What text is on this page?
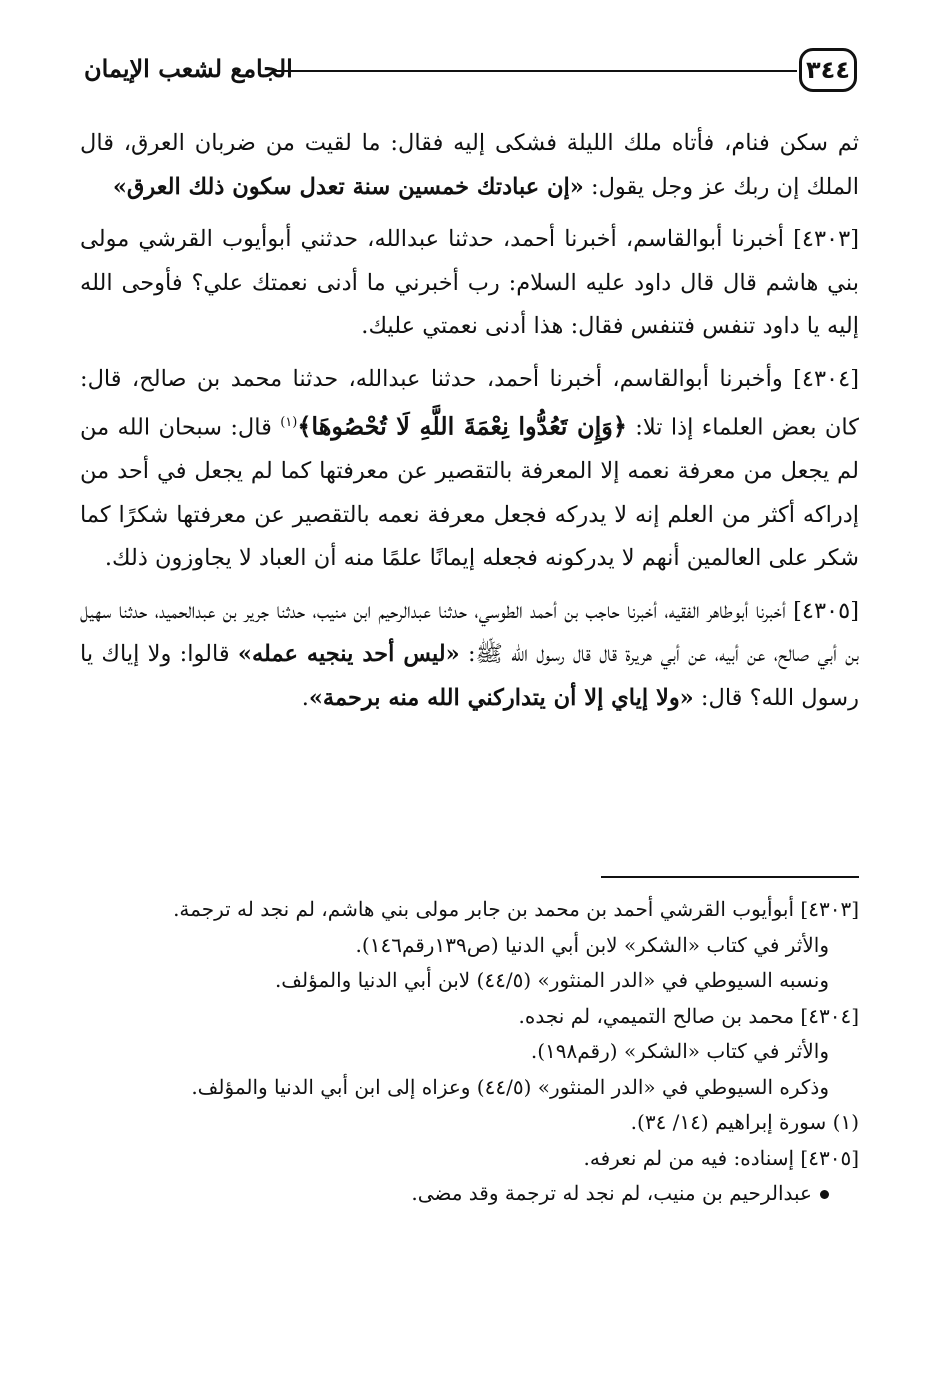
٣٤٤
الجامع لشعب الإيمان

ثم سكن فنام، فأتاه ملك الليلة فشكى إليه فقال: ما لقيت من ضربان العرق، قال الملك إن ربك عز وجل يقول: «إن عبادتك خمسين سنة تعدل سكون ذلك العرق»

[٤٣٠٣] أخبرنا أبوالقاسم، أخبرنا أحمد، حدثنا عبدالله، حدثني أبوأيوب القرشي مولى بني هاشم قال قال داود عليه السلام: رب أخبرني ما أدنى نعمتك علي؟ فأوحى الله إليه يا داود تنفس فتنفس فقال: هذا أدنى نعمتي عليك.

[٤٣٠٤] وأخبرنا أبوالقاسم، أخبرنا أحمد، حدثنا عبدالله، حدثنا محمد بن صالح، قال: كان بعض العلماء إذا تلا: ﴿وَإِن تَعُدُّوا نِعْمَةَ اللَّهِ لَا تُحْصُوهَا﴾$^{(١)}$ قال: سبحان الله من لم يجعل من معرفة نعمه إلا المعرفة بالتقصير عن معرفتها كما لم يجعل في أحد من إدراكه أكثر من العلم إنه لا يدركه فجعل معرفة نعمه بالتقصير عن معرفتها شكرًا كما شكر على العالمين أنهم لا يدركونه فجعله إيمانًا علمًا منه أن العباد لا يجاوزون ذلك.

[٤٣٠٥] أخبرنا أبوطاهر الفقيه، أخبرنا حاجب بن أحمد الطوسي، حدثنا عبدالرحيم ابن منيب، حدثنا جرير بن عبدالحميد، حدثنا سهيل بن أبي صالح، عن أبيه، عن أبي هريرة قال قال رسول الله ﷺ: «ليس أحد ينجيه عمله» قالوا: ولا إياك يا رسول الله؟ قال: «ولا إياي إلا أن يتداركني الله منه برحمة».

[٤٣٠٣] أبوأيوب القرشي أحمد بن محمد بن جابر مولى بني هاشم، لم نجد له ترجمة.
والأثر في كتاب «الشكر» لابن أبي الدنيا (ص١٣٩رقم١٤٦).
ونسبه السيوطي في «الدر المنثور» (٤٤/٥) لابن أبي الدنيا والمؤلف.
[٤٣٠٤] محمد بن صالح التميمي، لم نجده.
والأثر في كتاب «الشكر» (رقم١٩٨).
وذكره السيوطي في «الدر المنثور» (٤٤/٥) وعزاه إلى ابن أبي الدنيا والمؤلف.
(١) سورة إبراهيم (١٤/ ٣٤).
[٤٣٠٥] إسناده: فيه من لم نعرفه.
عبدالرحيم بن منيب، لم نجد له ترجمة وقد مضى.
